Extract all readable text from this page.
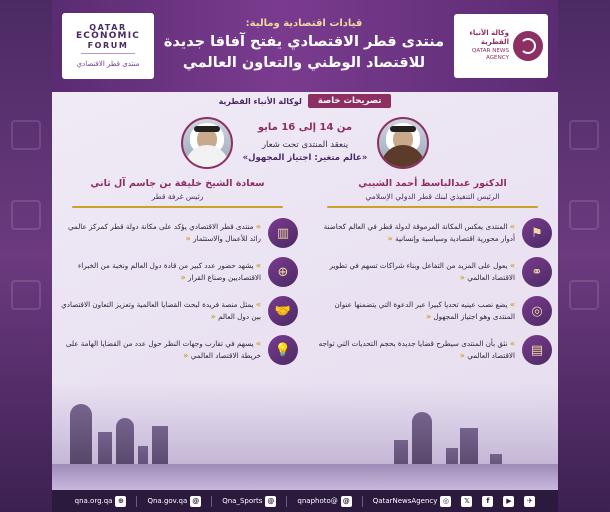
وكالة الأنباء القطرية
QATAR NEWS AGENCY
قيادات اقتصادية ومالية:
منتدى قطر الاقتصادي يفتح آفاقا جديدة للاقتصاد الوطني والتعاون العالمي
QATAR
ECONOMIC
FORUM
منتدى قطر الاقتصادي
تصريحات خاصة
لوكالة الأنباء القطرية
من 14 إلى 16 مايو
ينعقد المنتدى تحت شعار
«عالم متغير: اجتياز المجهول»
الدكتور عبدالباسط أحمد الشيبي
الرئيس التنفيذي لبنك قطر الدولي الإسلامي
سعادة الشيخ خليفة بن جاسم آل ثاني
رئيس غرفة قطر
⚑
» المنتدى يعكس المكانة المرموقة لدولة قطر في العالم كحاضنة أدوار محورية اقتصادية وسياسية وإنسانية «
⚭
» يعول على المزيد من التفاعل وبناء شراكات تسهم في تطوير الاقتصاد العالمي «
◎
» يضع نصب عينيه تحديا كبيرا عبر الدعوة التي يتضمنها عنوان المنتدى وهو اجتياز المجهول «
▤
» نثق بأن المنتدى سيطرح قضايا جديدة بحجم التحديات التي تواجه الاقتصاد العالمي «
▥
» منتدى قطر الاقتصادي يؤكد على مكانة دولة قطر كمركز عالمي رائد للأعمال والاستثمار «
⊕
» يشهد حضور عدد كبير من قادة دول العالم ونخبة من الخبراء الاقتصاديين وصناع القرار «
🤝
» يمثل منصة فريدة لبحث القضايا العالمية وتعزيز التعاون الاقتصادي بين دول العالم «
💡
» يسهم في تقارب وجهات النظر حول عدد من القضايا الهامة على خريطة الاقتصاد العالمي «
✈
▶
f
𝕏
◎
QatarNewsAgency
@
@qnaphoto
@
Qna_Sports
@
Qna.gov.qa
⊕
qna.org.qa
